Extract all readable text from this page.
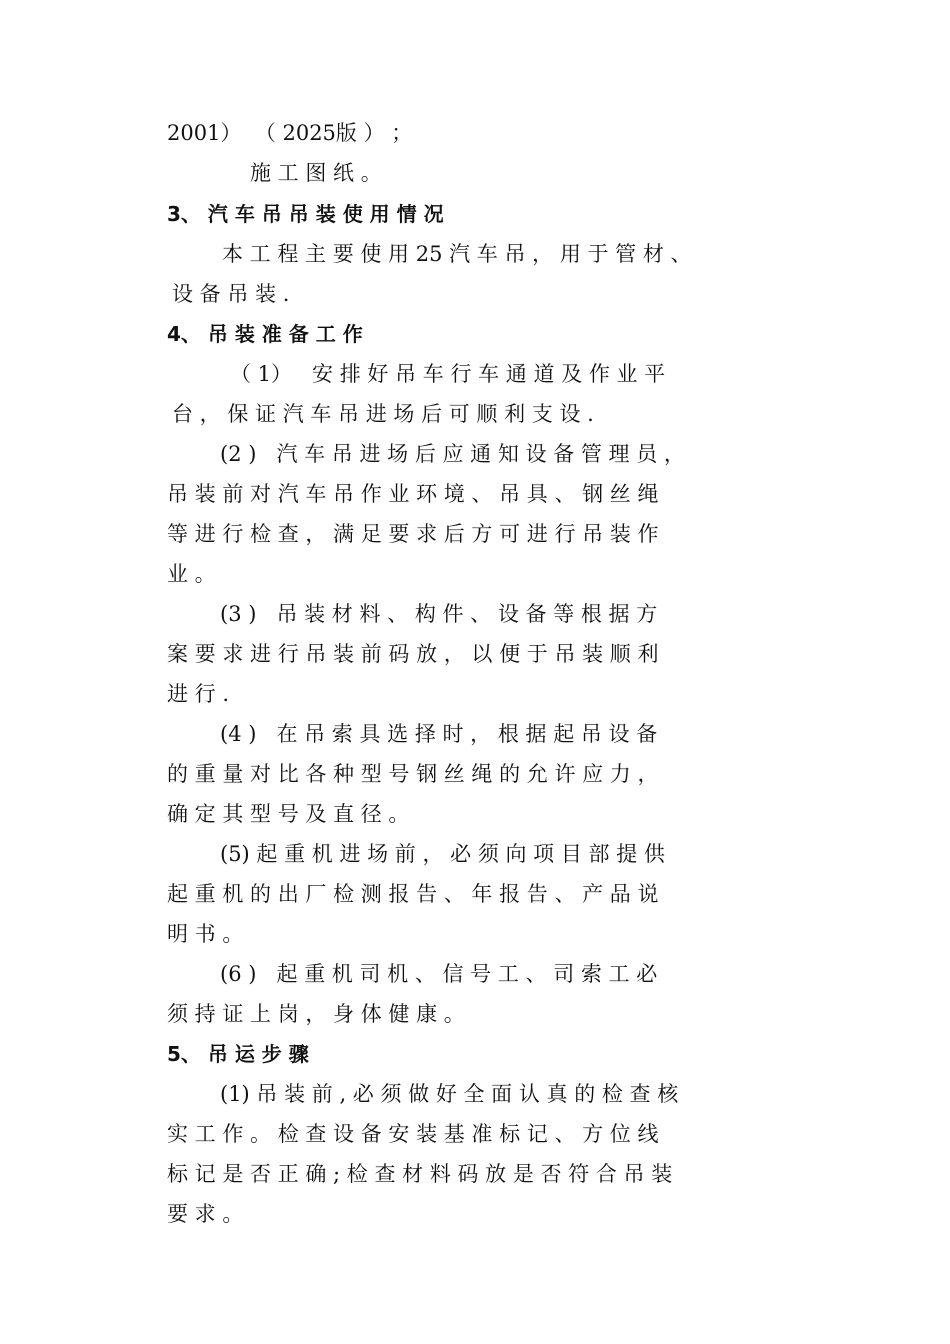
2001）  （ 2025版 ） ；
施 工 图 纸 。
3、 汽 车 吊 吊 装 使 用 情 况
本 工 程 主 要 使 用 25 汽 车 吊 ， 用 于 管 材 、
设 备 吊 装 .
4、 吊 装 准 备 工 作
（ 1）   安 排 好 吊 车 行 车 通 道 及 作 业 平
台 ， 保 证 汽 车 吊 进 场 后 可 顺 利 支 设 .
(2 )   汽 车 吊 进 场 后 应 通 知 设 备 管 理 员 ，
吊 装 前 对 汽 车 吊 作 业 环 境 、 吊 具 、 钢 丝 绳
等 进 行 检 查 ， 满 足 要 求 后 方 可 进 行 吊 装 作
业 。
(3 )   吊 装 材 料 、 构 件 、 设 备 等 根 据 方
案 要 求 进 行 吊 装 前 码 放 ， 以 便 于 吊 装 顺 利
进 行 .
(4 )   在 吊 索 具 选 择 时 ， 根 据 起 吊 设 备
的 重 量 对 比 各 种 型 号 钢 丝 绳 的 允 许 应 力 ，
确 定 其 型 号 及 直 径 。
(5) 起 重 机 进 场 前 ， 必 须 向 项 目 部 提 供
起 重 机 的 出 厂 检 测 报 告 、 年 报 告 、 产 品 说
明 书 。
(6 )   起 重 机 司 机 、 信 号 工 、 司 索 工 必
须 持 证 上 岗 ， 身 体 健 康 。
5、 吊 运 步 骤
(1) 吊 装 前 , 必 须 做 好 全 面 认 真 的 检 查 核
实 工 作 。 检 查 设 备 安 装 基 准 标 记 、 方 位 线
标 记 是 否 正 确 ; 检 查 材 料 码 放 是 否 符 合 吊 装
要 求 。
